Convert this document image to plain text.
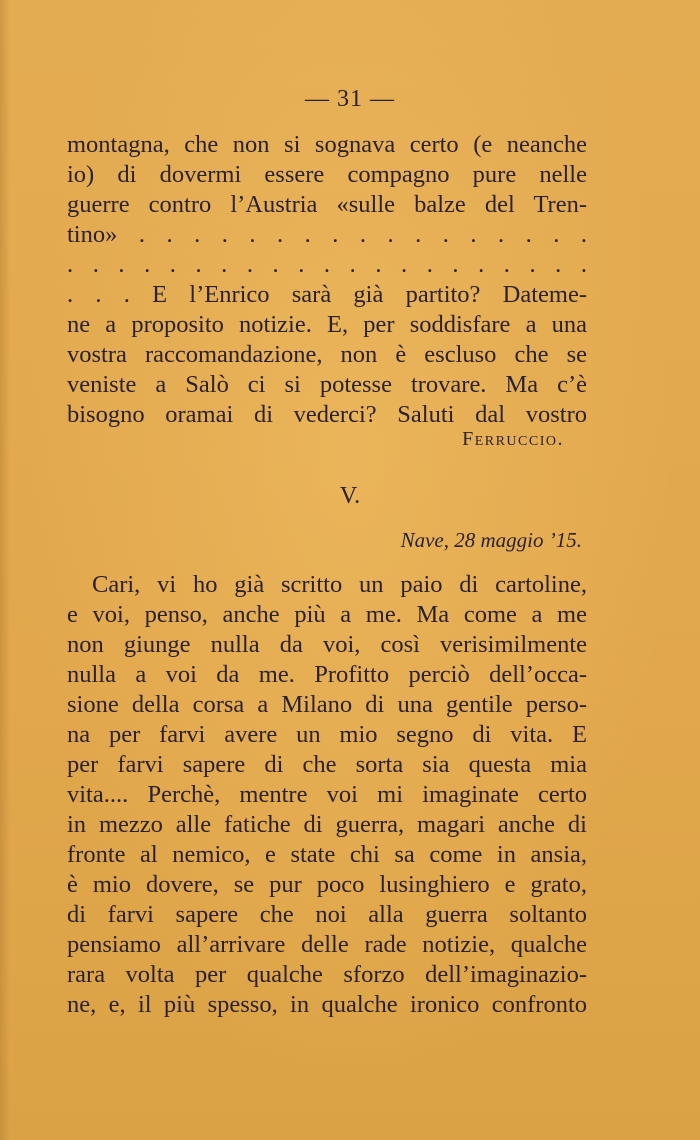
— 31 —
montagna, che non si sognava certo (e neanche
io) di dovermi essere compagno pure nelle
guerre contro l’Austria «sulle balze del Tren-
tino» . . . . . . . . . . . . . . . . .
. . . . . . . . . . . . . . . . . . . . .
. . . E l’Enrico sarà già partito? Dateme-
ne a proposito notizie. E, per soddisfare a una
vostra raccomandazione, non è escluso che se
veniste a Salò ci si potesse trovare. Ma c’è
bisogno oramai di vederci? Saluti dal vostro
Ferruccio.
V.
Nave, 28 maggio ’15.
Cari, vi ho già scritto un paio di cartoline,
e voi, penso, anche più a me. Ma come a me
non giunge nulla da voi, così verisimilmente
nulla a voi da me. Profitto perciò dell’occa-
sione della corsa a Milano di una gentile perso-
na per farvi avere un mio segno di vita. E
per farvi sapere di che sorta sia questa mia
vita.... Perchè, mentre voi mi imaginate certo
in mezzo alle fatiche di guerra, magari anche di
fronte al nemico, e state chi sa come in ansia,
è mio dovere, se pur poco lusinghiero e grato,
di farvi sapere che noi alla guerra soltanto
pensiamo all’arrivare delle rade notizie, qualche
rara volta per qualche sforzo dell’imaginazio-
ne, e, il più spesso, in qualche ironico confronto
